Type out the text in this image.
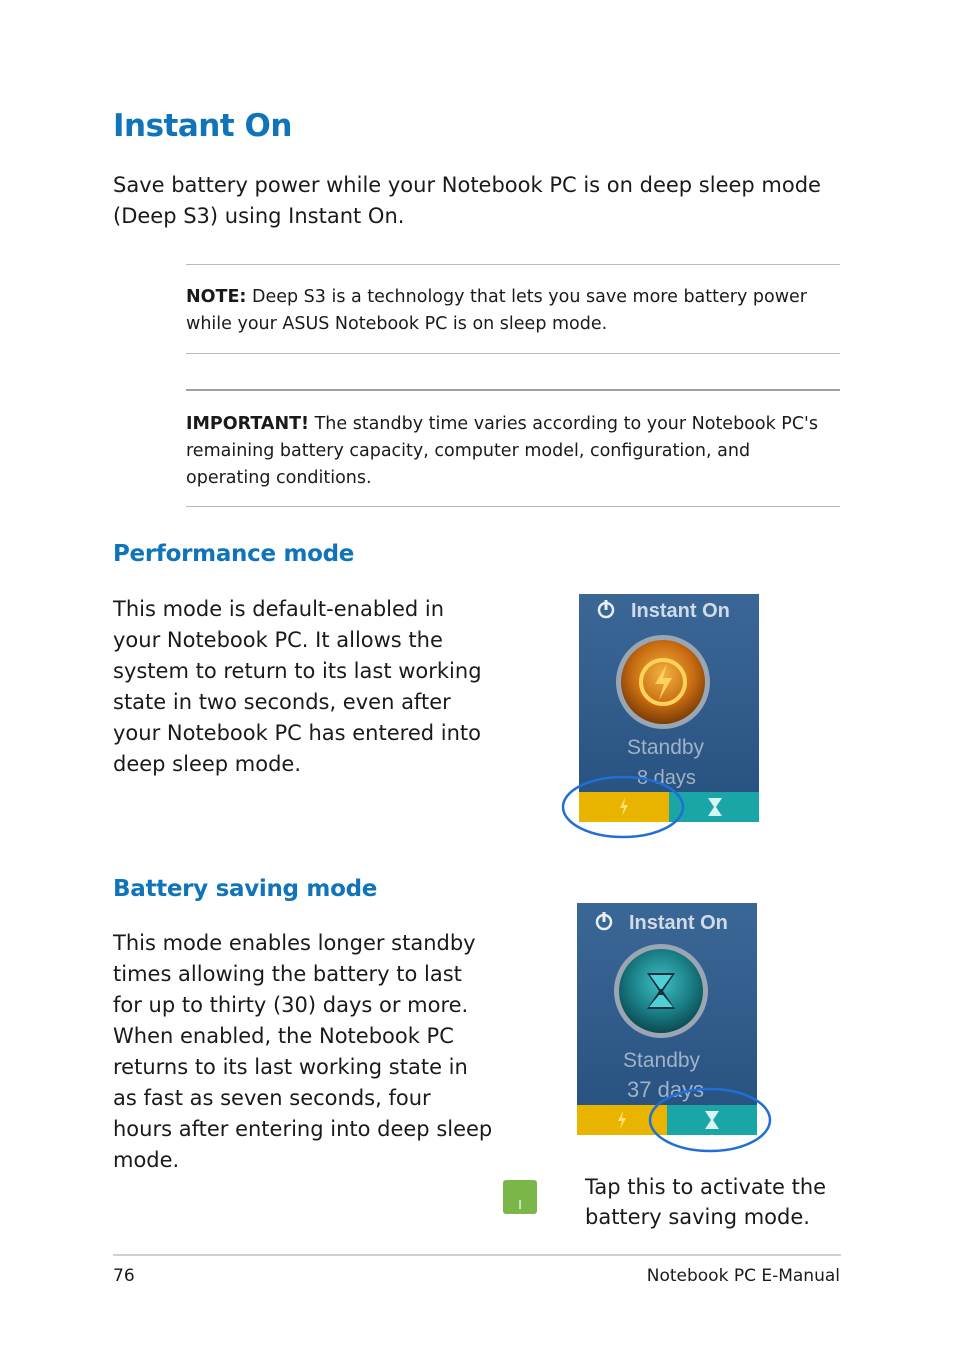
Instant On
Save battery power while your Notebook PC is on deep sleep mode (Deep S3) using Instant On.
NOTE: Deep S3 is a technology that lets you save more battery power while your ASUS Notebook PC is on sleep mode.
IMPORTANT! The standby time varies according to your Notebook PC's remaining battery capacity, computer model, configuration, and operating conditions.
Performance mode
This mode is default-enabled in your Notebook PC. It allows the system to return to its last working state in two seconds, even after your Notebook PC has entered into deep sleep mode.
Instant On
Standby
8 days
Battery saving mode
This mode enables longer standby times allowing the battery to last for up to thirty (30) days or more. When enabled, the Notebook PC returns to its last working state in as fast as seven seconds, four hours after entering into deep sleep mode.
Instant On
Standby
37 days
I
Tap this to activate the battery saving mode.
76	Notebook PC E-Manual
